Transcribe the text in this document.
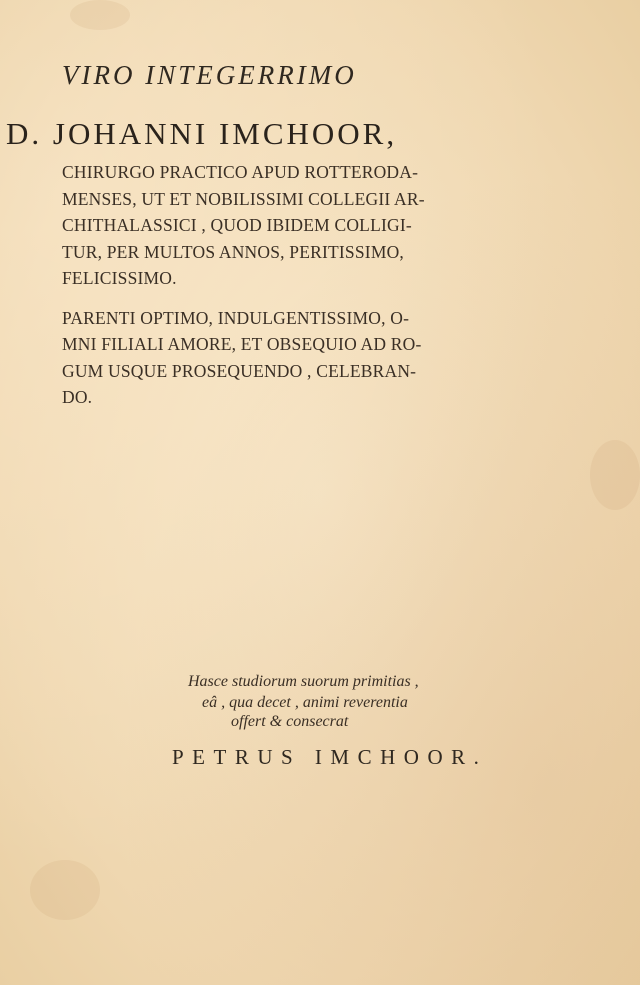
VIRO INTEGERRIMO
D. JOHANNI IMCHOOR,
CHIRURGO PRACTICO APUD ROTTERODA-
MENSES, UT ET NOBILISSIMI COLLEGII AR-
CHITHALASSICI , QUOD IBIDEM COLLIGI-
TUR, PER MULTOS ANNOS, PERITISSIMO,
FELICISSIMO.
PARENTI OPTIMO, INDULGENTISSIMO, O-
MNI FILIALI AMORE, ET OBSEQUIO AD RO-
GUM USQUE PROSEQUENDO , CELEBRAN-
DO.
Hasce studiorum suorum primitias ,
eâ , qua decet , animi reverentia
offert & consecrat
PETRUS IMCHOOR.
